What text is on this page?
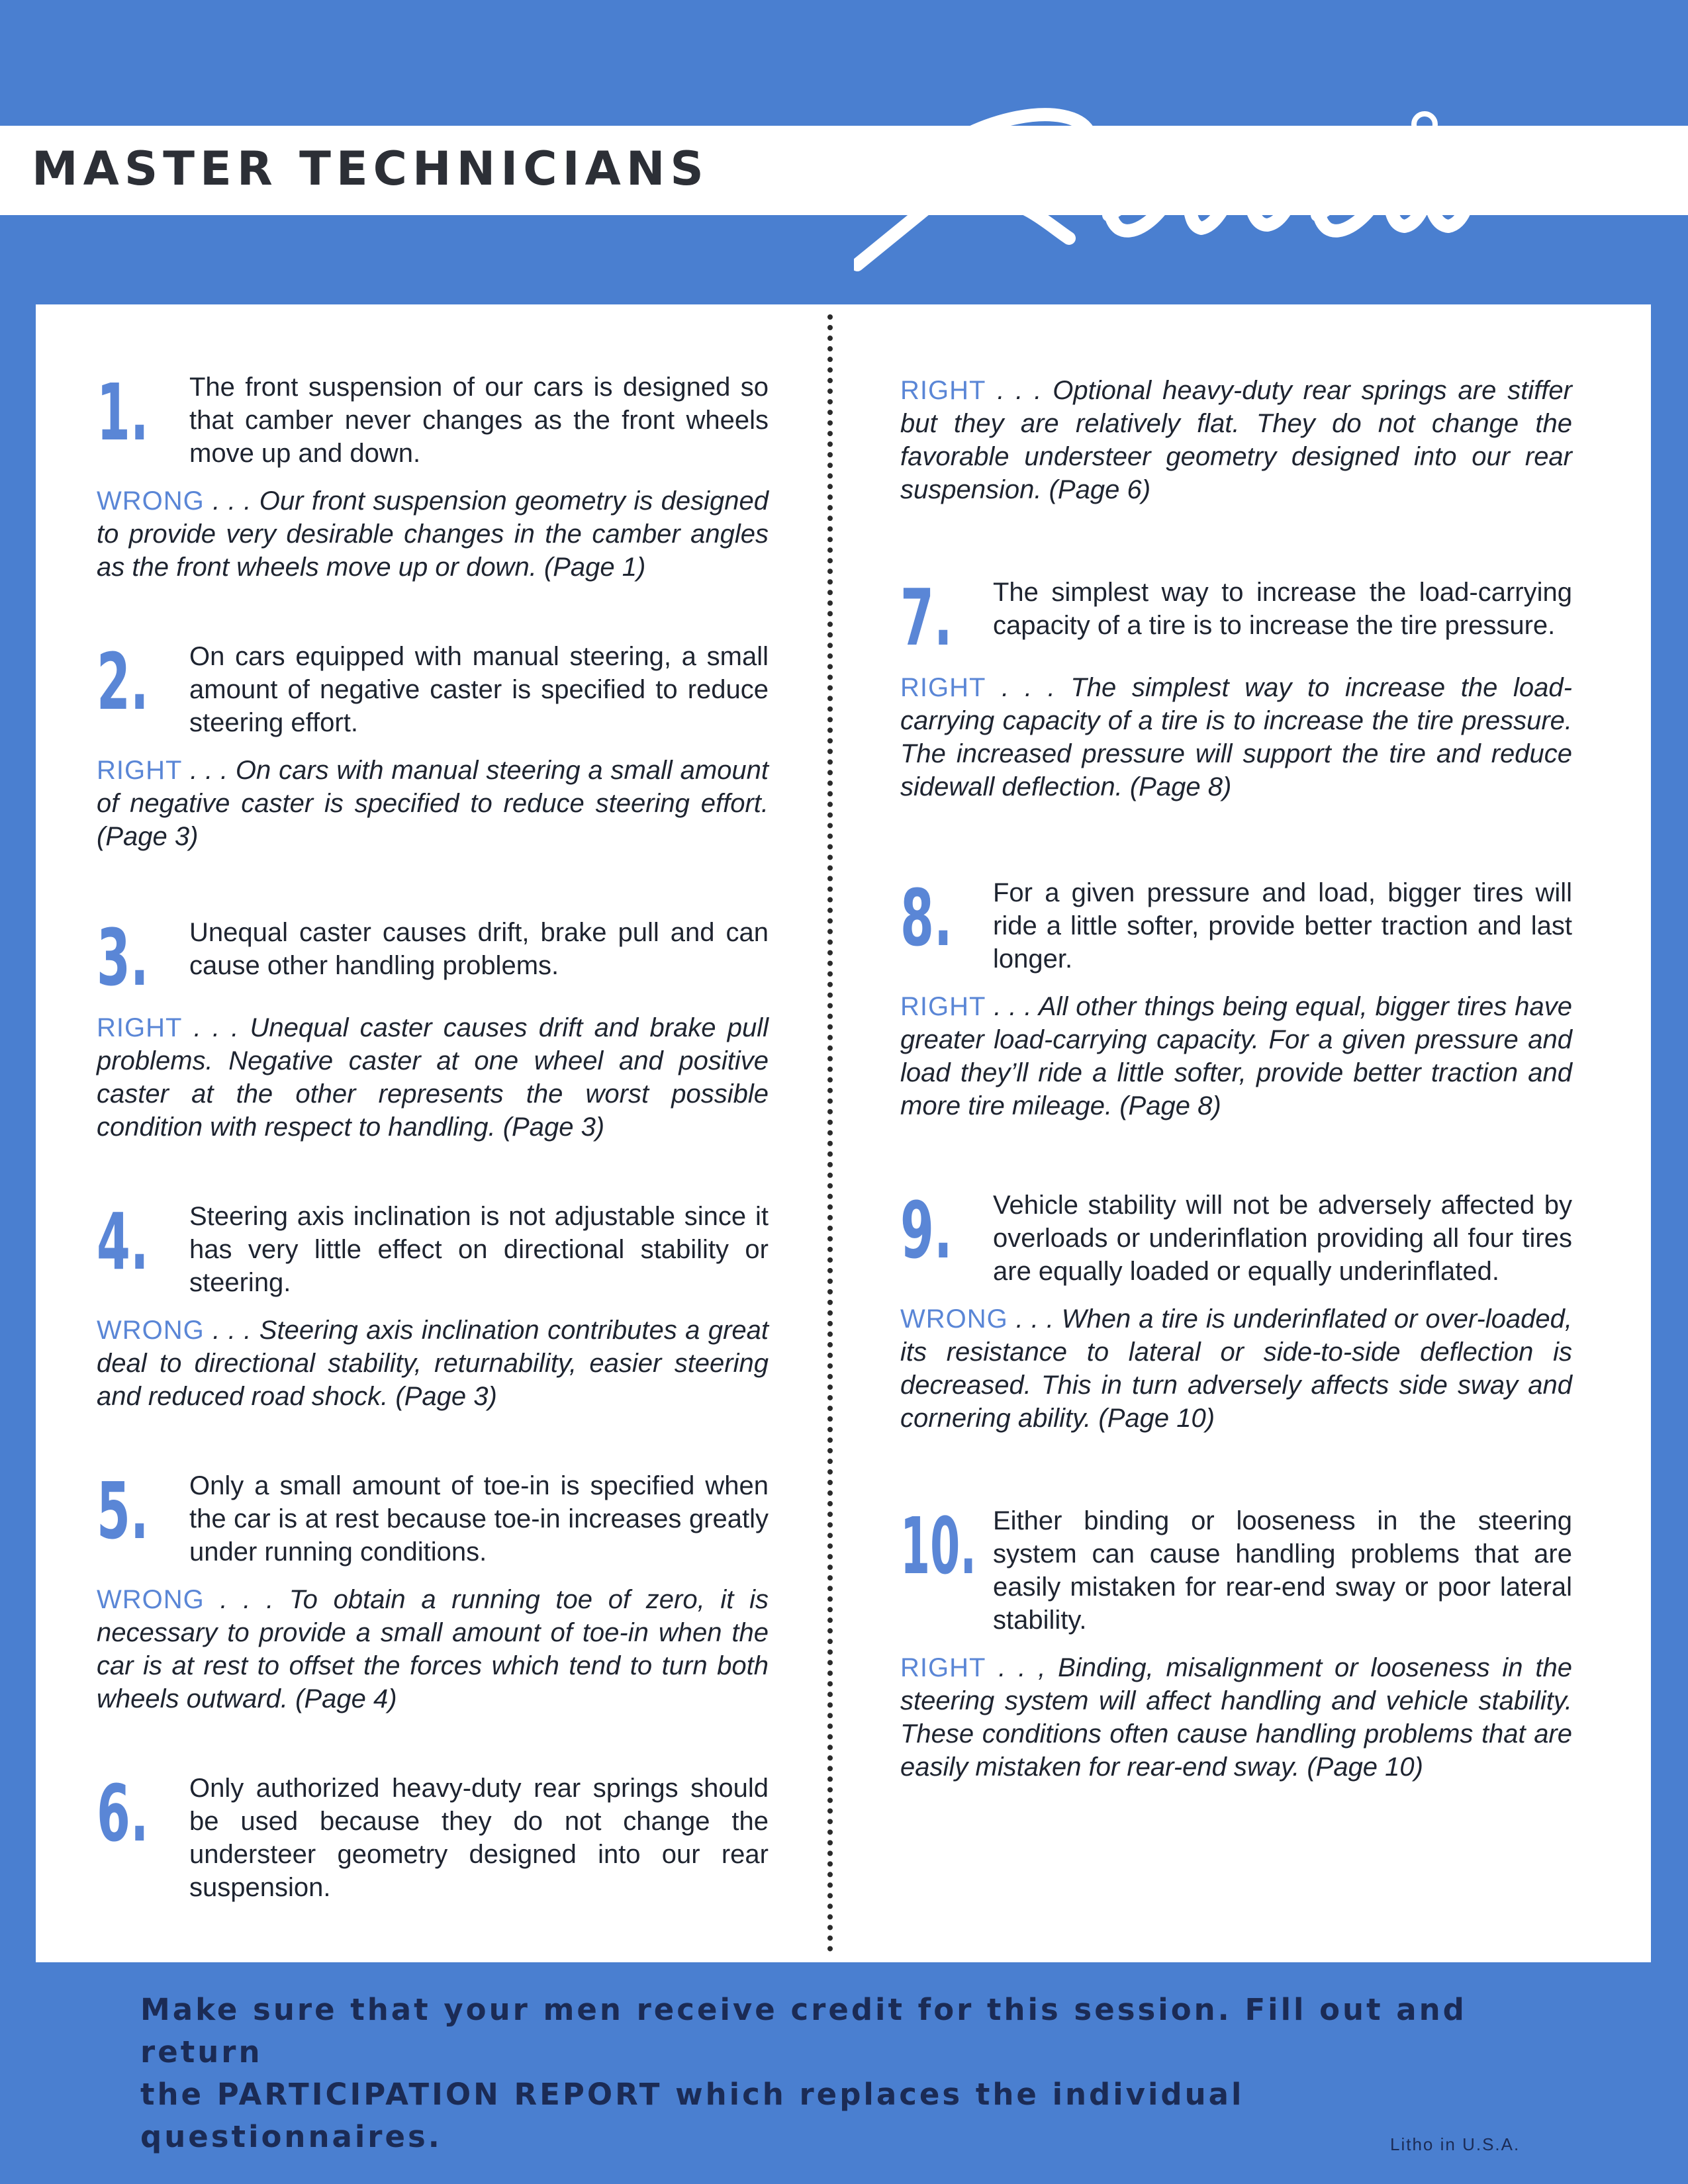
MASTER TECHNICIANS
1. The front suspension of our cars is designed so that camber never changes as the front wheels move up and down.
WRONG . . . Our front suspension geometry is designed to provide very desirable changes in the camber angles as the front wheels move up or down. (Page 1)
2. On cars equipped with manual steering, a small amount of negative caster is specified to reduce steering effort.
RIGHT . . . On cars with manual steering a small amount of negative caster is specified to reduce steering effort. (Page 3)
3. Unequal caster causes drift, brake pull and can cause other handling problems.
RIGHT . . . Unequal caster causes drift and brake pull problems. Negative caster at one wheel and positive caster at the other represents the worst possible condition with respect to handling. (Page 3)
4. Steering axis inclination is not adjustable since it has very little effect on directional stability or steering.
WRONG . . . Steering axis inclination contributes a great deal to directional stability, returnability, easier steering and reduced road shock. (Page 3)
5. Only a small amount of toe-in is specified when the car is at rest because toe-in increases greatly under running conditions.
WRONG . . . To obtain a running toe of zero, it is necessary to provide a small amount of toe-in when the car is at rest to offset the forces which tend to turn both wheels outward. (Page 4)
6. Only authorized heavy-duty rear springs should be used because they do not change the understeer geometry designed into our rear suspension.
RIGHT . . . Optional heavy-duty rear springs are stiffer but they are relatively flat. They do not change the favorable understeer geometry designed into our rear suspension. (Page 6)
7. The simplest way to increase the load-carrying capacity of a tire is to increase the tire pressure.
RIGHT . . . The simplest way to increase the load-carrying capacity of a tire is to increase the tire pressure. The increased pressure will support the tire and reduce sidewall deflection. (Page 8)
8. For a given pressure and load, bigger tires will ride a little softer, provide better traction and last longer.
RIGHT . . . All other things being equal, bigger tires have greater load-carrying capacity. For a given pressure and load they’ll ride a little softer, provide better traction and more tire mileage. (Page 8)
9. Vehicle stability will not be adversely affected by overloads or underinflation providing all four tires are equally loaded or equally underinflated.
WRONG . . . When a tire is underinflated or over-loaded, its resistance to lateral or side-to-side deflection is decreased. This in turn adversely affects side sway and cornering ability. (Page 10)
10. Either binding or looseness in the steering system can cause handling problems that are easily mistaken for rear-end sway or poor lateral stability.
RIGHT . . , Binding, misalignment or looseness in the steering system will affect handling and vehicle stability. These conditions often cause handling problems that are easily mistaken for rear-end sway. (Page 10)
Make sure that your men receive credit for this session. Fill out and return
the PARTICIPATION REPORT which replaces the individual questionnaires.	Litho in U.S.A.
